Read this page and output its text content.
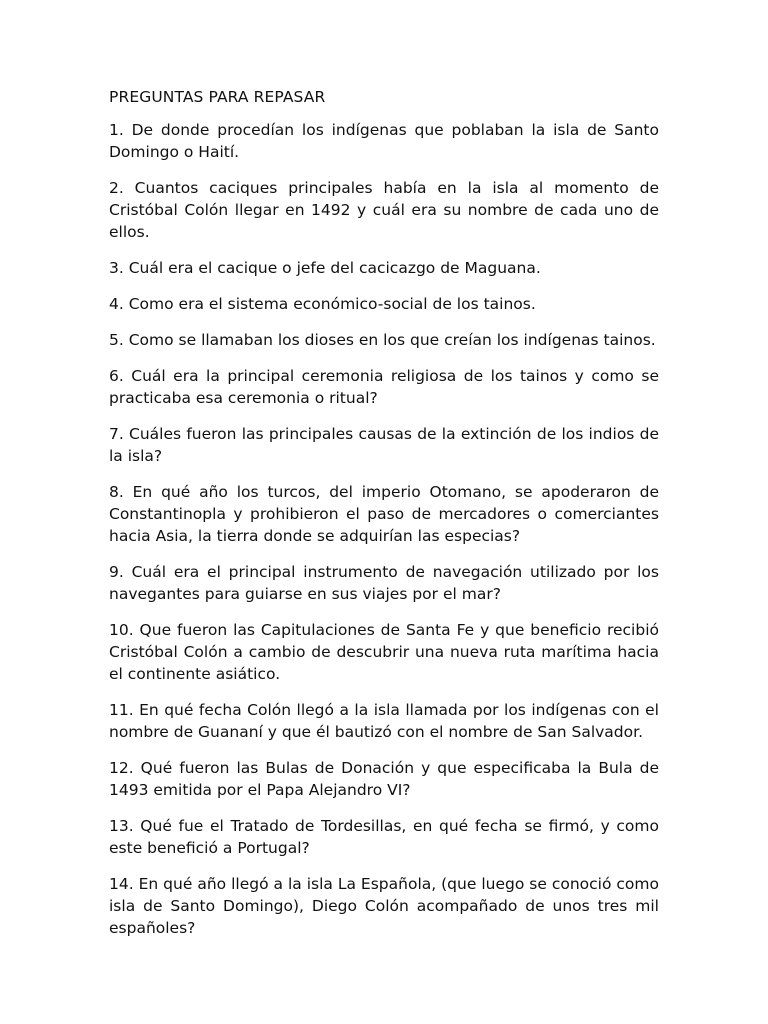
PREGUNTAS PARA REPASAR

1. De donde procedían los indígenas que poblaban la isla de Santo Domingo o Haití.

2. Cuantos caciques principales había en la isla al momento de Cristóbal Colón llegar en 1492 y cuál era su nombre de cada uno de ellos.

3. Cuál era el cacique o jefe del cacicazgo de Maguana.

4. Como era el sistema económico-social de los tainos.

5. Como se llamaban los dioses en los que creían los indígenas tainos.

6. Cuál era la principal ceremonia religiosa de los tainos y como se practicaba esa ceremonia o ritual?

7. Cuáles fueron las principales causas de la extinción de los indios de la isla?

8. En qué año los turcos, del imperio Otomano, se apoderaron de Constantinopla y prohibieron el paso de mercadores o comerciantes hacia Asia, la tierra donde se adquirían las especias?

9. Cuál era el principal instrumento de navegación utilizado por los navegantes para guiarse en sus viajes por el mar?

10. Que fueron las Capitulaciones de Santa Fe y que beneficio recibió Cristóbal Colón a cambio de descubrir una nueva ruta marítima hacia el continente asiático.

11. En qué fecha Colón llegó a la isla llamada por los indígenas con el nombre de Guananí y que él bautizó con el nombre de San Salvador.

12. Qué fueron las Bulas de Donación y que especificaba la Bula de 1493 emitida por el Papa Alejandro VI?

13. Qué fue el Tratado de Tordesillas, en qué fecha se firmó, y como este benefició a Portugal?

14. En qué año llegó a la isla La Española, (que luego se conoció como isla de Santo Domingo), Diego Colón acompañado de unos tres mil españoles?
